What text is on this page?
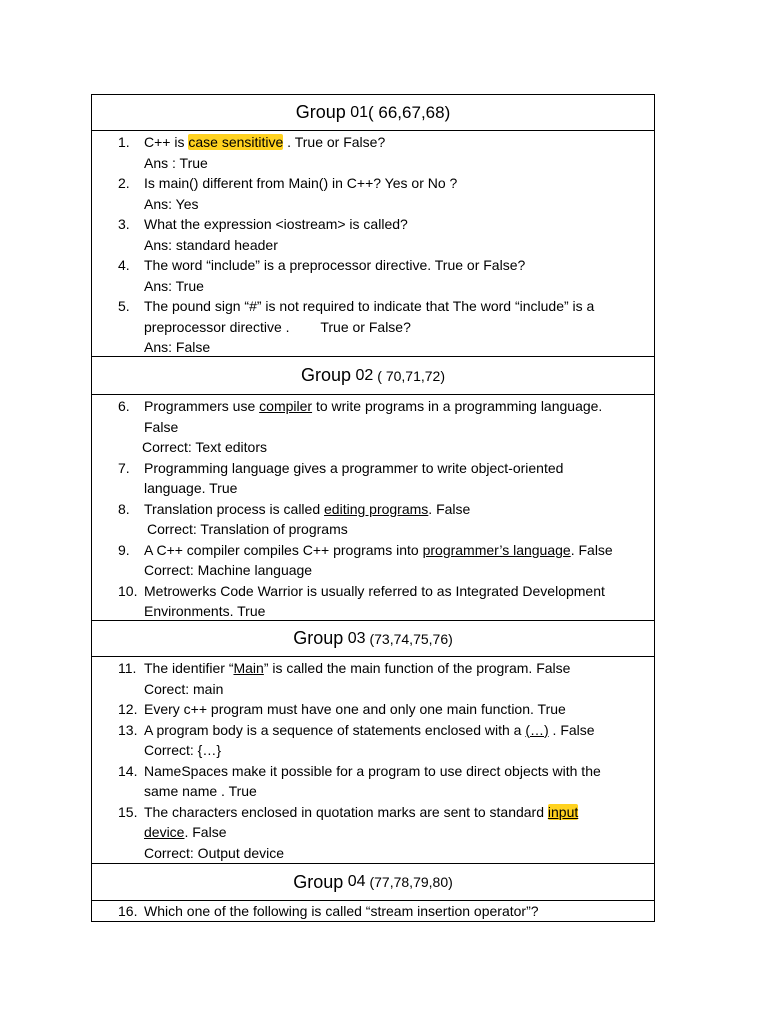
Group
01 ( 66,67,68)
1.	C++ is case sensititive . True or False?
Ans : True
2.	Is main() different from Main() in C++? Yes or No ?
Ans: Yes
3.	What the expression <iostream> is called?
Ans: standard header
4.	The word “include” is a preprocessor directive. True or False?
Ans: True
5.	The pound sign “#” is not required to indicate that The word “include” is a
preprocessor directive .        True or False?
Ans: False
Group
02 ( 70,71,72)
6.	Programmers use compiler to write programs in a programming language.
False
Correct: Text editors
7.	Programming language gives a programmer to write object-oriented
language. True
8.	Translation process is called editing programs. False
Correct: Translation of programs
9.	A C++ compiler compiles C++ programs into programmer’s language. False
Correct: Machine language
10. Metrowerks Code Warrior is usually referred to as Integrated Development
Environments. True
Group
03 (73,74,75,76)
11. The identifier “Main” is called the main function of the program. False
Corect: main
12. Every c++ program must have one and only one main function. True
13. A program body is a sequence of statements enclosed with a (…) . False
Correct: {…}
14. NameSpaces make it possible for a program to use direct objects with the
same name . True
15. The characters enclosed in quotation marks are sent to standard input
device. False
Correct: Output device
Group
04 (77,78,79,80)
16. Which one of the following is called “stream insertion operator”?
